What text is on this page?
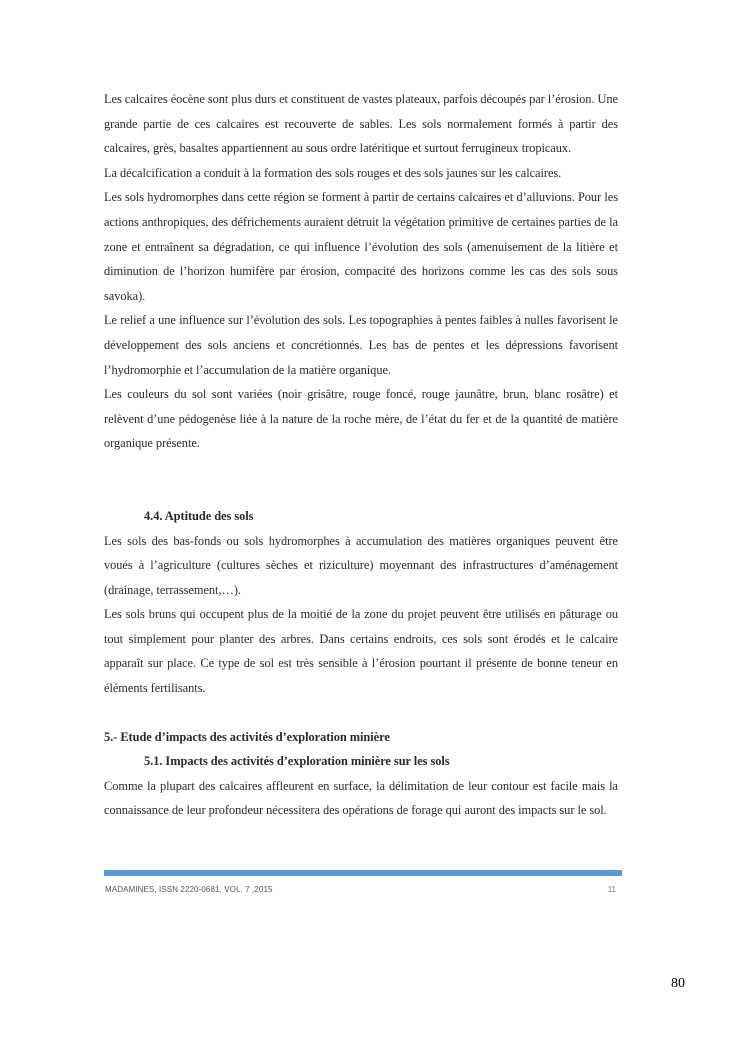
Les calcaires éocène sont plus durs et constituent de vastes plateaux, parfois découpés par l’érosion. Une grande partie de ces calcaires est recouverte de sables. Les sols normalement formés à partir des calcaires, grès, basaltes appartiennent au sous ordre latéritique et surtout ferrugineux tropicaux.

La décalcification a conduit à la formation des sols rouges et des sols jaunes sur les calcaires.

Les sols hydromorphes dans cette région se forment à partir de certains calcaires et d’alluvions. Pour les actions anthropiques, des défrichements auraient détruit la végétation primitive de certaines parties de la zone et entraînent sa dégradation, ce qui influence l’évolution des sols (amenuisement de la litière et diminution de l’horizon humifère par érosion, compacité des horizons comme les cas des sols sous savoka).

Le relief a une influence sur l’évolution des sols. Les topographies à pentes faibles à nulles favorisent le développement des sols anciens et concrétionnés. Les bas de pentes et les dépressions favorisent l’hydromorphie et l’accumulation de la matière organique.

Les couleurs du sol sont variées (noir grisâtre, rouge foncé, rouge jaunâtre, brun, blanc rosâtre) et relèvent d’une pédogenèse liée à la nature de la roche mère, de l’état du fer et de la quantité de matière organique présente.

4.4. Aptitude des sols

Les sols des bas-fonds ou sols hydromorphes à accumulation des matières organiques peuvent être voués à l’agriculture (cultures sèches et riziculture) moyennant des infrastructures d’aménagement (drainage, terrassement,…).

Les sols bruns qui occupent plus de la moitié de la zone du projet peuvent être utilisés en pâturage ou tout simplement pour planter des arbres. Dans certains endroits, ces sols sont érodés et le calcaire apparaît sur place. Ce type de sol est très sensible à l’érosion pourtant il présente de bonne teneur en éléments fertilisants.

5.- Etude d’impacts des activités d’exploration minière

5.1. Impacts des activités d’exploration minière sur les sols

Comme la plupart des calcaires affleurent en surface, la délimitation de leur contour est facile mais la connaissance de leur profondeur nécessitera des opérations de forage qui auront des impacts sur le sol.

MADAMINES, ISSN 2220-0681, VOL. 7 ,2015	11
80
